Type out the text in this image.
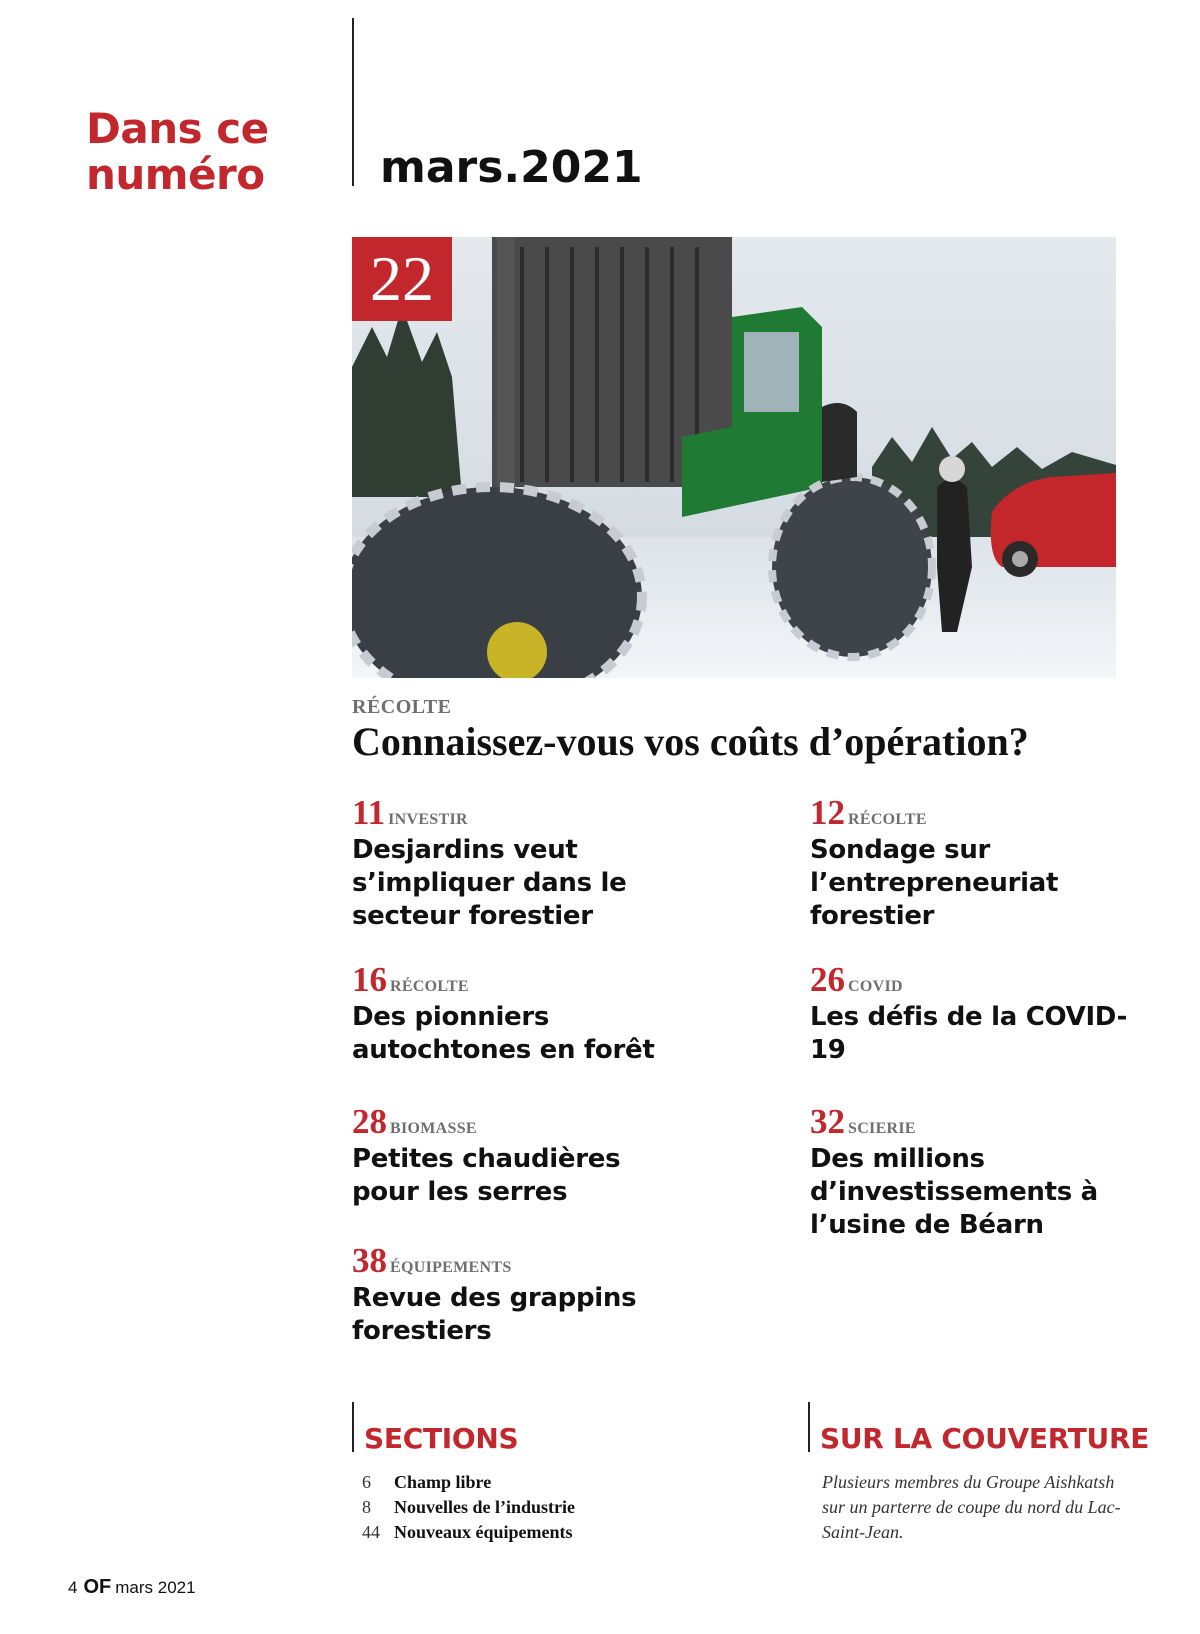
Dans ce numéro	mars.2021
22
RÉCOLTE
Connaissez-vous vos coûts d’opération?
11 INVESTIR
Desjardins veut s’impliquer dans le secteur forestier
16 RÉCOLTE
Des pionniers autochtones en forêt
28 BIOMASSE
Petites chaudières pour les serres
38 ÉQUIPEMENTS
Revue des grappins forestiers
12 RÉCOLTE
Sondage sur l’entrepreneuriat forestier
26 COVID
Les défis de la COVID-19
32 SCIERIE
Des millions d’investissements à l’usine de Béarn
SECTIONS
6 Champ libre
8 Nouvelles de l’industrie
44 Nouveaux équipements
SUR LA COUVERTURE
Plusieurs membres du Groupe Aishkatsh sur un parterre de coupe du nord du Lac-Saint-Jean.
4 OF mars 2021
